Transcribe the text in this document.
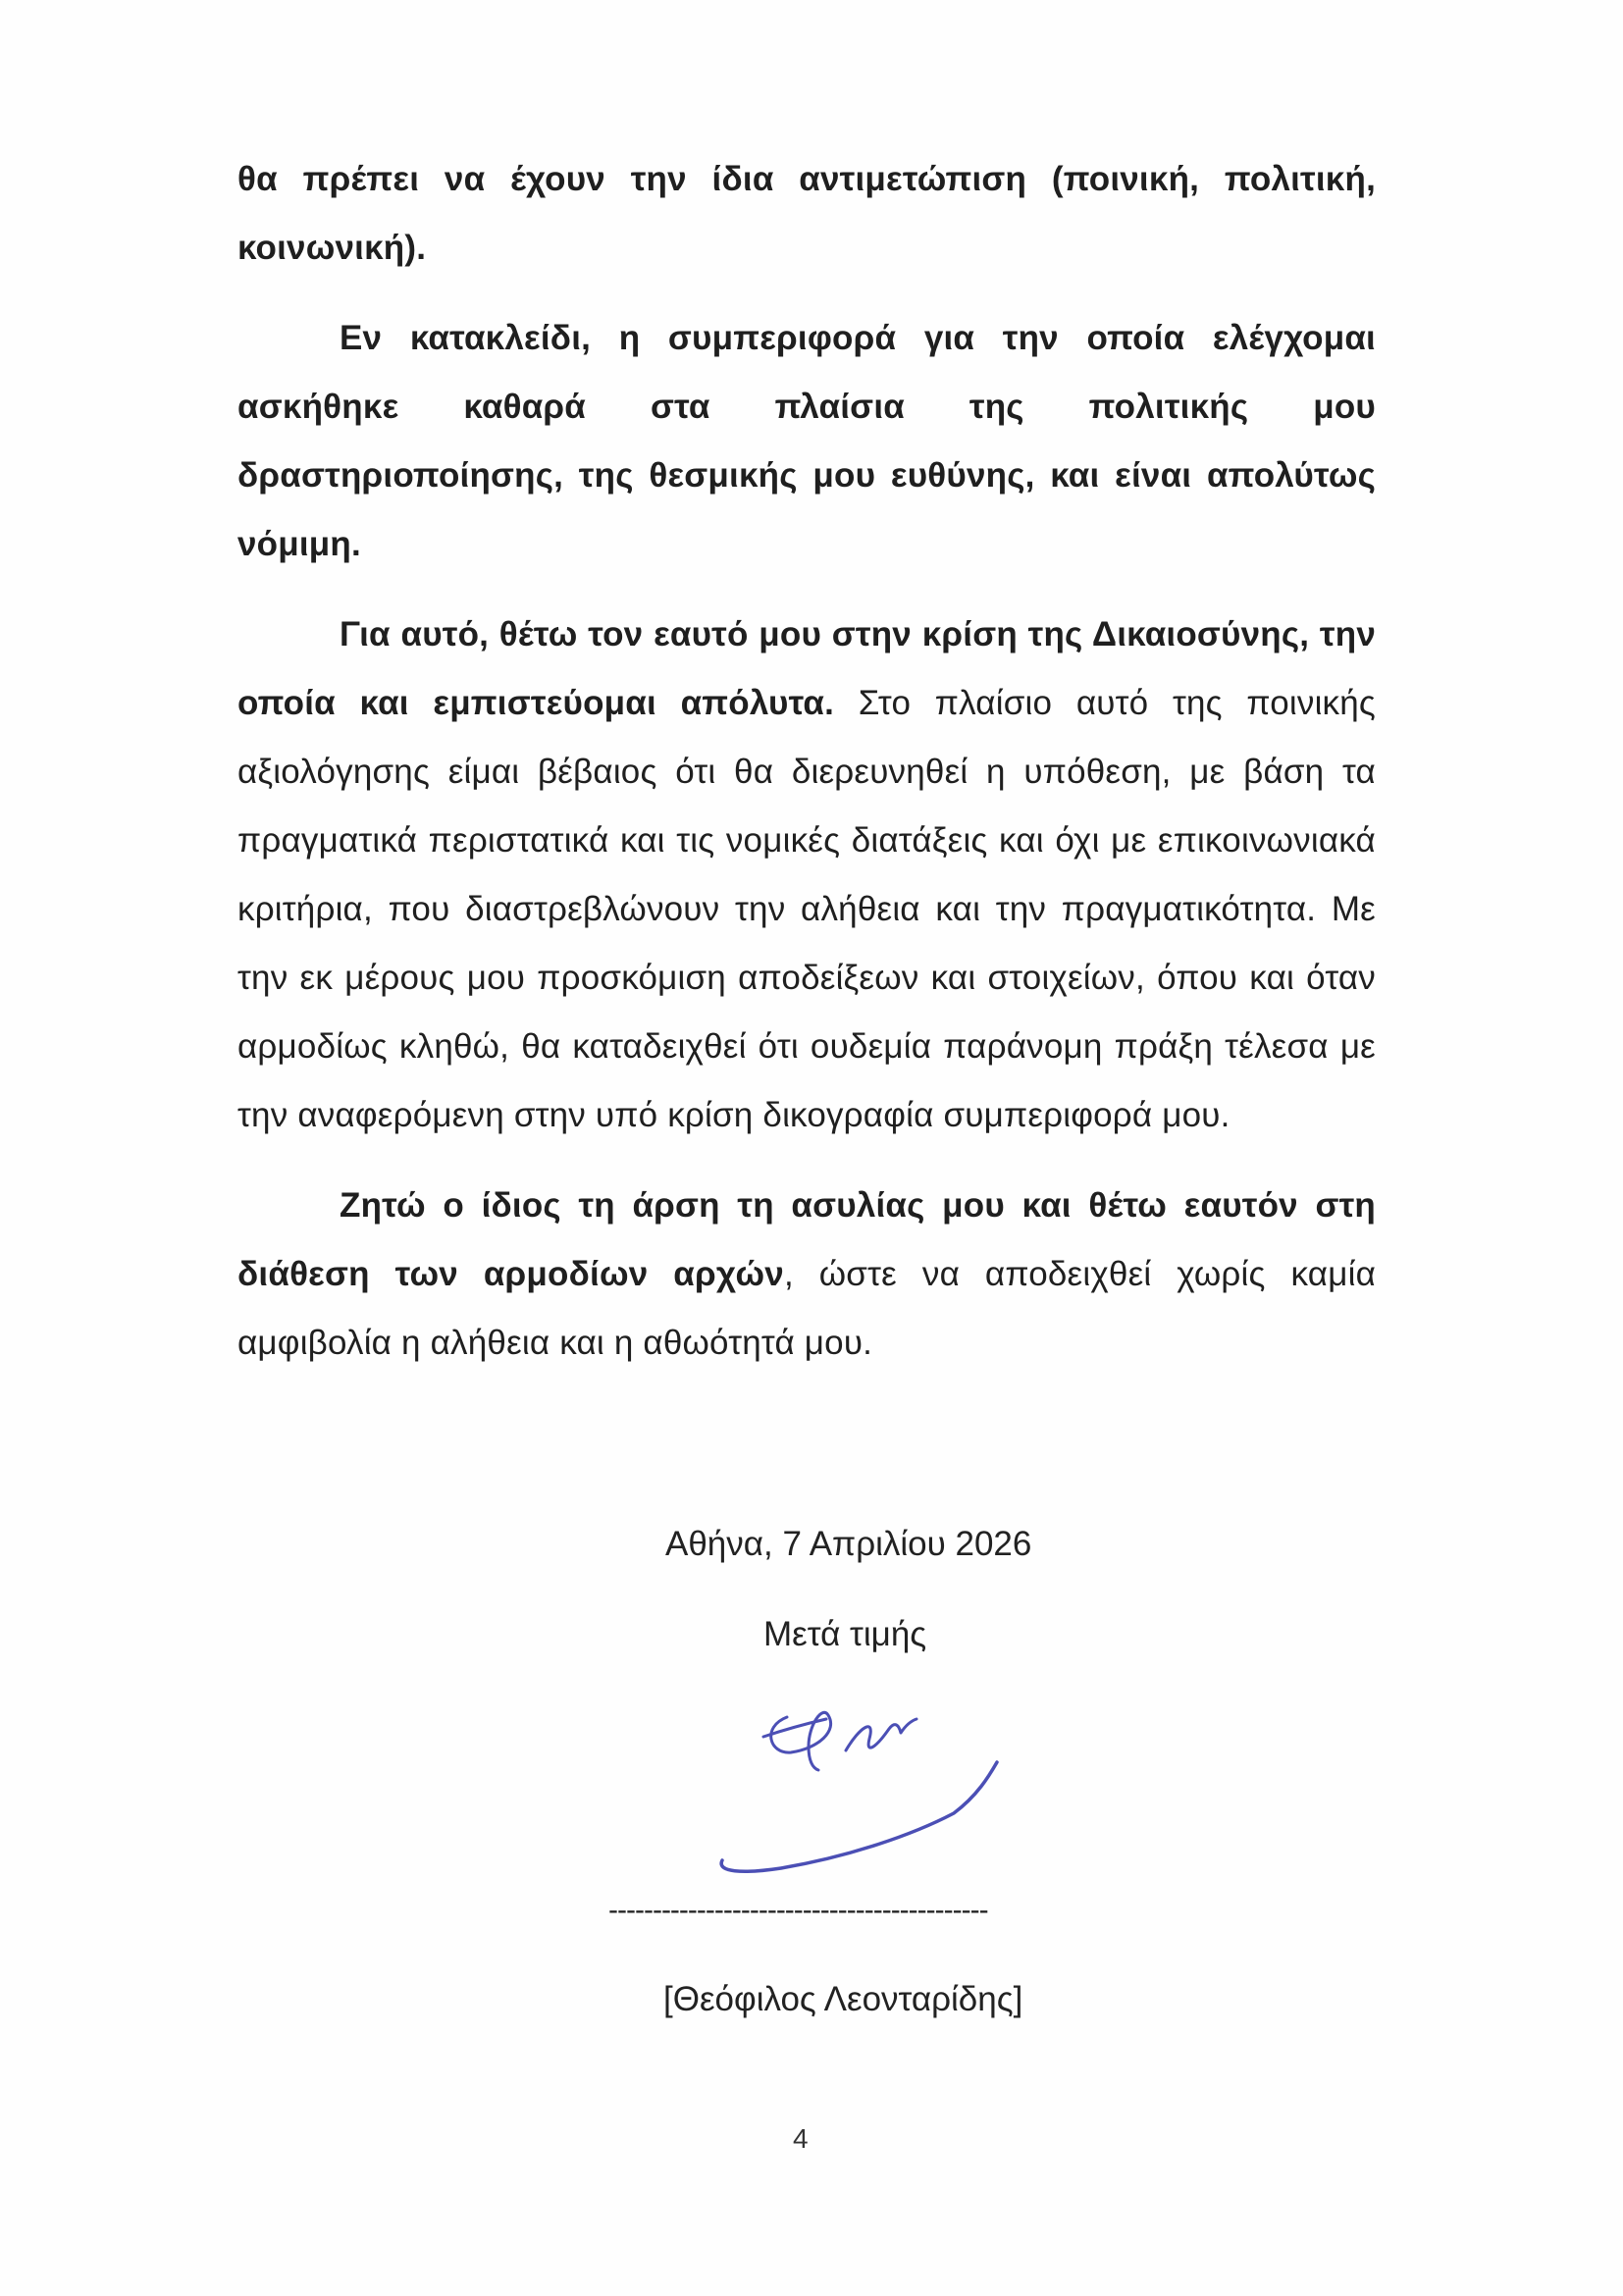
θα πρέπει να έχουν την ίδια αντιμετώπιση (ποινική, πολιτική, κοινωνική).

Εν κατακλείδι, η συμπεριφορά για την οποία ελέγχομαι ασκήθηκε καθαρά στα πλαίσια της πολιτικής μου δραστηριοποίησης, της θεσμικής μου ευθύνης, και είναι απολύτως νόμιμη.

Για αυτό, θέτω τον εαυτό μου στην κρίση της Δικαιοσύνης, την οποία και εμπιστεύομαι απόλυτα. Στο πλαίσιο αυτό της ποινικής αξιολόγησης είμαι βέβαιος ότι θα διερευνηθεί η υπόθεση, με βάση τα πραγματικά περιστατικά και τις νομικές διατάξεις και όχι με επικοινωνιακά κριτήρια, που διαστρεβλώνουν την αλήθεια και την πραγματικότητα. Με την εκ μέρους μου προσκόμιση αποδείξεων και στοιχείων, όπου και όταν αρμοδίως κληθώ, θα καταδειχθεί ότι ουδεμία παράνομη πράξη τέλεσα με την αναφερόμενη στην υπό κρίση δικογραφία συμπεριφορά μου.

Ζητώ ο ίδιος τη άρση τη ασυλίας μου και θέτω εαυτόν στη διάθεση των αρμοδίων αρχών, ώστε να αποδειχθεί χωρίς καμία αμφιβολία η αλήθεια και η αθωότητά μου.

Αθήνα, 7 Απριλίου 2026
Μετά τιμής
-------------------------------------------
[Θεόφιλος Λεονταρίδης]
4
